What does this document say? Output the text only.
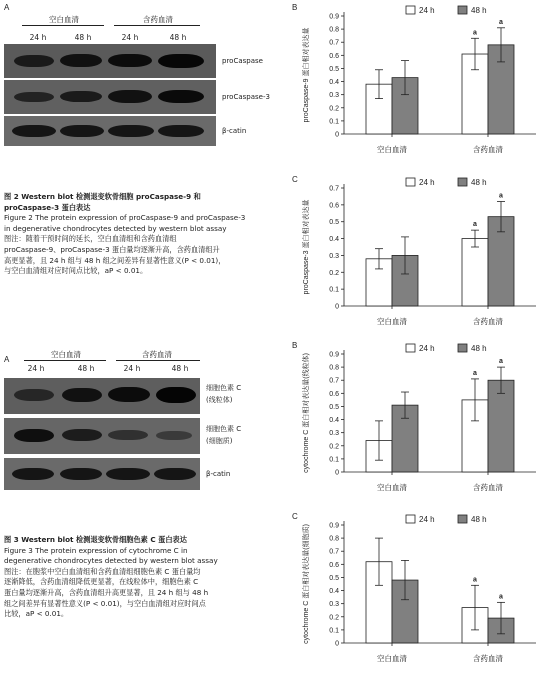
A
空白血清	含药血清
24 h	48 h	24 h	48 h
proCaspase
proCaspase-3
β-catin
图 2 Western blot 检测退变软骨细胞 proCaspase-9 和
proCaspase-3 蛋白表达
Figure 2 The protein expression of proCaspase-9 and proCaspase-3
in degenerative chondrocytes detected by western blot assay
图注：随着干预时间的延长，空白血清组和含药血清组
proCaspase-9、proCaspase-3 蛋白量均逐渐升高，含药血清组升
高更显著，且 24 h 组与 48 h 组之间差异有显著性意义(P < 0.01)，
与空白血清组对应时间点比较，aP < 0.01。
A
空白血清	含药血清
24 h	48 h	24 h	48 h
细胞色素 C
(线粒体)
细胞色素 C
(细胞质)
β-catin
图 3 Western blot 检测退变软骨细胞色素 C 蛋白表达
Figure 3 The protein expression of cytochrome C in
degenerative chondrocytes detected by western blot assay
图注：在胞浆中空白血清组和含药血清组细胞色素 C 蛋白量均
逐渐降低，含药血清组降低更显著，在线粒体中，细胞色素 C
蛋白量均逐渐升高，含药血清组升高更显著，且 24 h 组与 48 h
组之间差异有显著性意义(P < 0.01)，与空白血清组对应时间点
比较，aP < 0.01。
B
proCaspase-9 蛋白相对表达量
0
0.1
0.2
0.3
0.4
0.5
0.6
0.7
0.8
0.9
空白血清	含药血清
a
a
24 h	48 h
C
proCaspase-3 蛋白相对表达量
0
0.1
0.2
0.3
0.4
0.5
0.6
0.7
空白血清	含药血清
a
a
24 h	48 h
B
cytochrome C 蛋白相对表达量(线粒体)
0
0.1
0.2
0.3
0.4
0.5
0.6
0.7
0.8
0.9
空白血清	含药血清
a
a
24 h	48 h
C
cytochrome C 蛋白相对表达量(细胞质)
0
0.1
0.2
0.3
0.4
0.5
0.6
0.7
0.8
0.9
空白血清	含药血清
a
a
24 h	48 h
